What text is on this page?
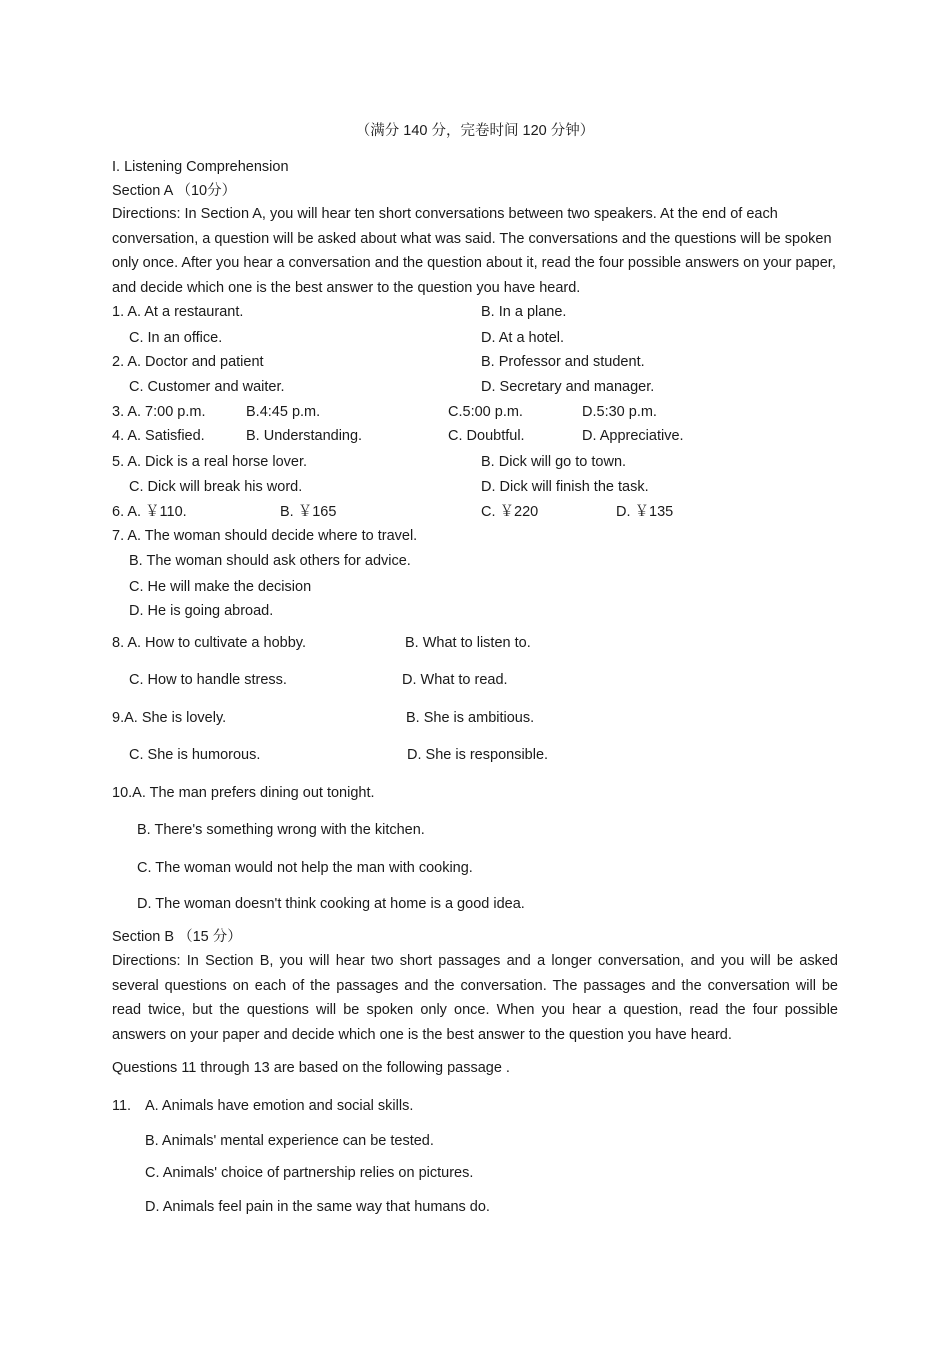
（满分 140 分，完卷时间 120 分钟）
I. Listening Comprehension
Section A （10分）
Directions: In Section A, you will hear ten short conversations between two speakers. At the end of each conversation, a question will be asked about what was said. The conversations and the questions will be spoken only once. After you hear a conversation and the question about it, read the four possible answers on your paper, and decide which one is the best answer to the question you have heard.
1. A. At a restaurant.	B. In a plane.
C. In an office.	D. At a hotel.
2. A. Doctor and patient	B. Professor and student.
C. Customer and waiter.	D. Secretary and manager.
3. A. 7:00 p.m.	B.4:45 p.m.	C.5:00 p.m.	D.5:30 p.m.
4. A. Satisfied.	B. Understanding.	C. Doubtful.	D. Appreciative.
5. A. Dick is a real horse lover.	B. Dick will go to town.
C. Dick will break his word.	D. Dick will finish the task.
6. A. ￥110.	B. ￥165	C. ￥220	D. ￥135
7. A. The woman should decide where to travel.
B. The woman should ask others for advice.
C. He will make the decision
D. He is going abroad.
8. A. How to cultivate a hobby.	B. What to listen to.
C. How to handle stress.	D. What to read.
9.A. She is lovely.	B. She is ambitious.
C. She is humorous.	D. She is responsible.
10.A. The man prefers dining out tonight.
B. There's something wrong with the kitchen.
C. The woman would not help the man with cooking.
D. The woman doesn't think cooking at home is a good idea.
Section B （15 分）
Directions: In Section B, you will hear two short passages and a longer conversation, and you will be asked several questions on each of the passages and the conversation. The passages and the conversation will be read twice, but the questions will be spoken only once. When you hear a question, read the four possible answers on your paper and decide which one is the best answer to the question you have heard.
Questions 11 through 13 are based on the following passage .
11. A. Animals have emotion and social skills.
B. Animals' mental experience can be tested.
C. Animals' choice of partnership relies on pictures.
D. Animals feel pain in the same way that humans do.
